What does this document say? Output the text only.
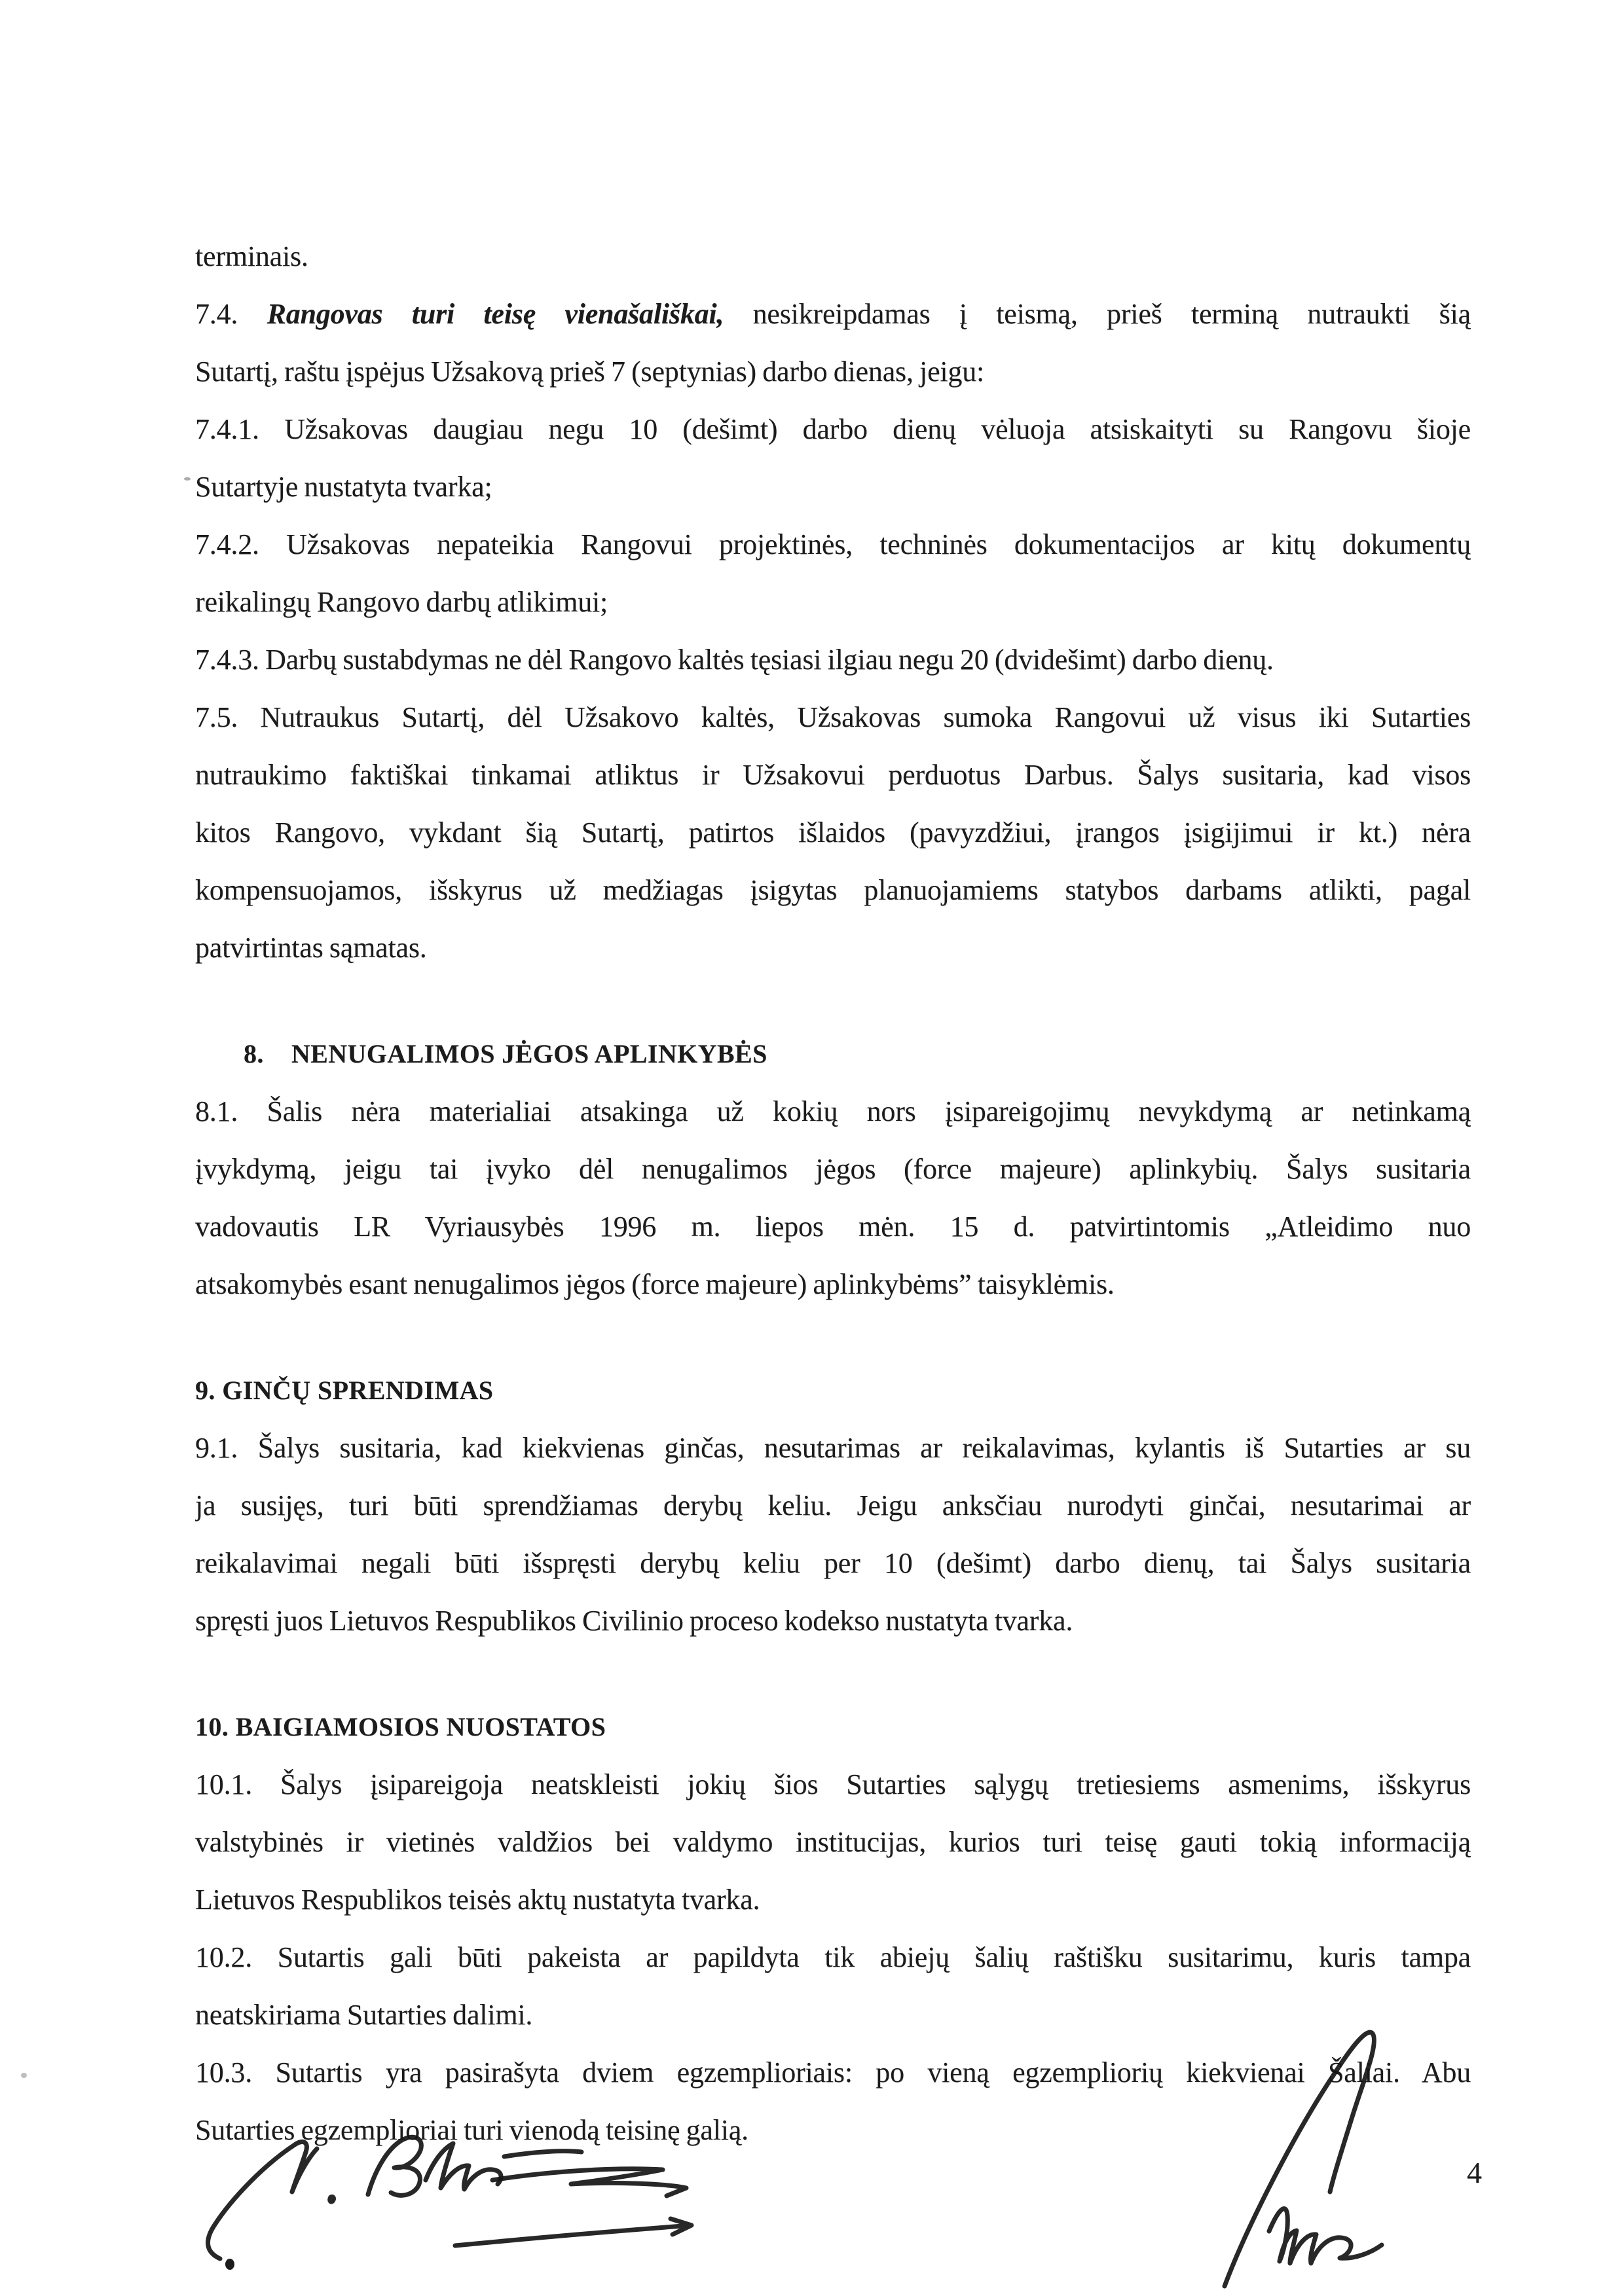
terminais.
7.4. Rangovas turi teisę vienašališkai, nesikreipdamas į teismą, prieš terminą nutraukti šią
Sutartį, raštu įspėjus Užsakovą prieš 7 (septynias) darbo dienas, jeigu:
7.4.1. Užsakovas daugiau negu 10 (dešimt) darbo dienų vėluoja atsiskaityti su Rangovu šioje
Sutartyje nustatyta tvarka;
7.4.2. Užsakovas nepateikia Rangovui projektinės, techninės dokumentacijos ar kitų dokumentų
reikalingų Rangovo darbų atlikimui;
7.4.3. Darbų sustabdymas ne dėl Rangovo kaltės tęsiasi ilgiau negu 20 (dvidešimt) darbo dienų.
7.5. Nutraukus Sutartį, dėl Užsakovo kaltės, Užsakovas sumoka Rangovui už visus iki Sutarties
nutraukimo faktiškai tinkamai atliktus ir Užsakovui perduotus Darbus. Šalys susitaria, kad visos
kitos Rangovo, vykdant šią Sutartį, patirtos išlaidos (pavyzdžiui, įrangos įsigijimui ir kt.) nėra
kompensuojamos, išskyrus už medžiagas įsigytas planuojamiems statybos darbams atlikti, pagal
patvirtintas sąmatas.
8. NENUGALIMOS JĖGOS APLINKYBĖS
8.1. Šalis nėra materialiai atsakinga už kokių nors įsipareigojimų nevykdymą ar netinkamą
įvykdymą, jeigu tai įvyko dėl nenugalimos jėgos (force majeure) aplinkybių. Šalys susitaria
vadovautis LR Vyriausybės 1996 m. liepos mėn. 15 d. patvirtintomis „Atleidimo nuo
atsakomybės esant nenugalimos jėgos (force majeure) aplinkybėms” taisyklėmis.
9. GINČŲ SPRENDIMAS
9.1. Šalys susitaria, kad kiekvienas ginčas, nesutarimas ar reikalavimas, kylantis iš Sutarties ar su
ja susijęs, turi būti sprendžiamas derybų keliu. Jeigu anksčiau nurodyti ginčai, nesutarimai ar
reikalavimai negali būti išspręsti derybų keliu per 10 (dešimt) darbo dienų, tai Šalys susitaria
spręsti juos Lietuvos Respublikos Civilinio proceso kodekso nustatyta tvarka.
10. BAIGIAMOSIOS NUOSTATOS
10.1. Šalys įsipareigoja neatskleisti jokių šios Sutarties sąlygų tretiesiems asmenims, išskyrus
valstybinės ir vietinės valdžios bei valdymo institucijas, kurios turi teisę gauti tokią informaciją
Lietuvos Respublikos teisės aktų nustatyta tvarka.
10.2. Sutartis gali būti pakeista ar papildyta tik abiejų šalių raštišku susitarimu, kuris tampa
neatskiriama Sutarties dalimi.
10.3. Sutartis yra pasirašyta dviem egzemplioriais: po vieną egzempliorių kiekvienai Šaliai. Abu
Sutarties egzemplioriai turi vienodą teisinę galią.
4
